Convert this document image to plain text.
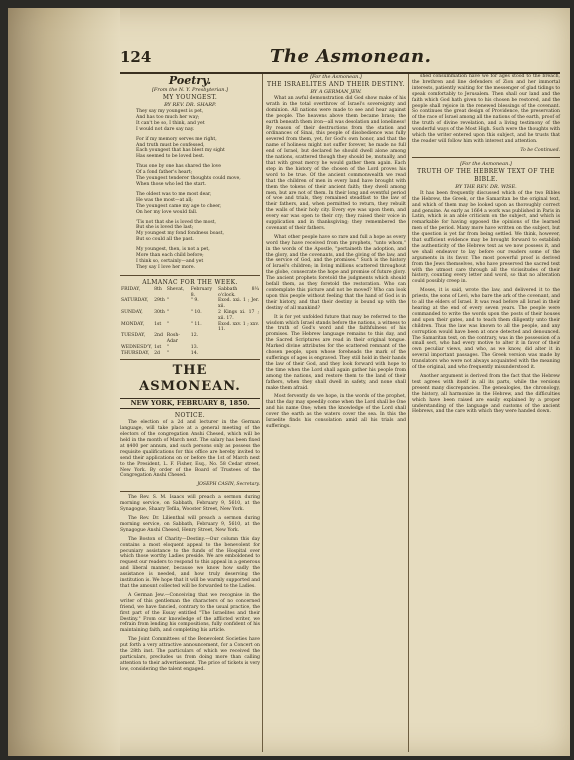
124	The Asmonean.
Poetry.
[From the N. Y. Presbyterian.]
MY YOUNGEST.
BY REV. DR. SHARP.
They say my youngest is pet,
And has too much her way;
It can't be so, I think, and yet
I would not dare say nay.
For if my memory serves me right,
And truth must be confessed,
Each youngest that has blest my sight
Has seemed to be loved best.
Thus one by one has shared the love
Of a fond father's heart;
The youngest tenderer thoughts could move,
When those who led the start.
The oldest was to me most dear,
He was the most—at all;
The youngest came my age to cheer,
On her my love would fall.
'Tis not that she is loved the most,
But she is loved the last;
My youngest my fond fondness boast,
But so could all the past.
My youngest, then, is not a pet,
More than each child before;
I think so, certainly—and yet
They say I love her more.
ALMANAC FOR THE WEEK.
FRIDAY,	8th	Shevat,	February 8.	Sabbath 8¼ o'clock.
SATURDAY,	29th	"	" 9.	Exod. xxi. 1 ; Jer. xii.
SUNDAY,	30th	"	" 10.	2 Kings xi. 17 ; xii. 17.
MONDAY,	1st	"	" 11.	Exod. xxv. 1 ; xxv. 11.
TUESDAY,	2nd	Rosh-Adar	12.	
WEDNESD'Y,	1st	"	13.	
THURSDAY,	2d	"	14.	
THE ASMONEAN.
NEW YORK, FEBRUARY 8, 1850.
NOTICE.

The election of a 2d and lecturer in the German language, will take place at a general meeting of the electors of the congregation Anshi Chesed, which will be held in the month of March next. The salary has been fixed at $400 per annum, and such persons only as possess the requisite qualifications for this office are hereby invited to send their applications on or before the 1st of March next to the President, L. F. Fisher, Esq., No. 58 Cedar street, New York. By order of the Board of Trustees of the Congregation Anshi Chesed.

JOSEPH CASIN, Secretary.

The Rev. S. M. Isaacs will preach a sermon during morning service, on Sabbath, February 9, 5610, at the Synagogue, Shaary Tefila, Wooster Street, New York.

The Rev. Dr. Lilienthal will preach a sermon during morning service, on Sabbath, February 9, 5610, at the Synagogue Anshi Chesed, Henry Street, New York.

The Boston of Charity—Destiny.—Our column this day contains a most eloquent appeal to the benevolent for pecuniary assistance to the funds of the Hospital over which those worthy Ladies preside. We are emboldened to request our readers to respond to this appeal in a generous and liberal manner, because we know how sadly the assistance is needed, and how truly deserving the institution is. We hope that it will be warmly supported and that the amount collected will be forwarded to the Ladies.

A German Jew.—Conceiving that we recognise in the writer of this gentleman the characters of no concerned friend, we have fancied, contrary to the usual practice, the first part of the Essay entitled "The Israelites and their Destiny." From our knowledge of the afflicted writer, we refrain from lending his compositions, fully confident of his maintaining faith, and completing his article.

The Joint Committees of the Benevolent Societies have put forth a very attractive announcement, for a Concert on the 28th inst. The particulars of which we received the particulars, precludes us from doing more than calling attention to their advertisement. The price of tickets is very low, considering the talent engaged.

[For the Asmonean.]
THE ISRAELITES AND THEIR DESTINY.
BY A GERMAN JEW.

What an awful demonstration did God show make of his wrath in the total overthrow of Israel's sovereignty and dominion. All nations were made to see and hear against the people. The heavens above them became brass; the earth beneath them iron—all was desolation and loneliness! By reason of their destructions from the station and ordinances of Sinai, this people of disobedience was fully severed from them, yet, for God's own honor, and that the name of holiness might not suffer forever, he made no full end of Israel, but declared he should dwell alone among the nations, scattered though they should be, mutually, and that with great mercy he would gather them again. Each step in the history of the chosen of the Lord proves his word to be true. Of the ancient commonwealth we read that the children of men in every land have brought with them the tokens of their ancient faith; they dwell among men, but are not of them. In their long and eventful period of woe and trials, they remained steadfast to the law of their fathers, and, when permitted to return, they rebuilt the walls of their holy city. Every eye was upon them, and every ear was open to their cry; they raised their voice in supplication and in thanksgiving; they remembered the covenant of their fathers.

What other people have so rare and full a hope as every word they have received from the prophets, "unto whom," in the words of the Apostle, "pertaineth the adoption, and the glory, and the covenants, and the giving of the law, and the service of God, and the promises." Such is the history of Israel's children; in living millions scattered throughout the globe, consecrate the hope and promise of future glory. The ancient prophets foretold the judgments which should befall them, as they foretold the restoration. Who can contemplate this picture and not be moved? Who can look upon this people without feeling that the hand of God is in their history, and that their destiny is bound up with the destiny of all mankind?

It is for yet unfolded future that may be referred to the wisdom which Israel stands before the nations, a witness to the truth of God's word and the faithfulness of his promises. The Hebrew language remains to this day, and the Sacred Scriptures are read in their original tongue. Marked divine attributes for the scattered remnant of the chosen people, upon whose foreheads the mark of the sufferings of ages is engraved. They still hold in their hands the law of their God, and they look forward with hope to the time when the Lord shall again gather his people from among the nations, and restore them to the land of their fathers, when they shall dwell in safety, and none shall make them afraid.

Most fervently do we hope, in the words of the prophet, that the day may speedily come when the Lord shall be One and his name One; when the knowledge of the Lord shall cover the earth as the waters cover the sea. In this the Israelite finds his consolation amid all his trials and sufferings.

shed consummation have we for ages stood to the breach, the brethren and line defenders of Zion and her immortal interests, patiently waiting for the messenger of glad tidings to speak comfortably to Jerusalem. Then shall our land and the faith which God hath given to his chosen be restored, and the people shall rejoice in the renewed blessings of the covenant. So continues the great design of Providence, the preservation of the race of Israel among all the nations of the earth, proof of the truth of divine revelation, and a living testimony of the wonderful ways of the Most High. Such were the thoughts with which the writer entered upon this subject, and he trusts that the reader will follow him with interest and attention.

To be Continued.
[For the Asmonean.]
TRUTH OF THE HEBREW TEXT OF THE BIBLE.
BY THE REV. DR. WISE.

It has been frequently discussed which of the two Bibles the Hebrew, the Greek, or the Samaritan be the original text, and which of them may be looked upon as thoroughly correct and genuine. As early as 1664 a work was published in Paris in Latin, which is an able criticism on the subject, and which is remarkable for having opposed the opinions of the learned men of the period. Many more have written on the subject, but the question is yet far from being settled. We think, however, that sufficient evidence may be brought forward to establish the authenticity of the Hebrew text as we now possess it, and we shall endeavor to lay before our readers some of the arguments in its favor. The most powerful proof is derived from the Jews themselves, who have preserved the sacred text with the utmost care through all the vicissitudes of their history, counting every letter and word, so that no alteration could possibly creep in.

Moses, it is said, wrote the law, and delivered it to the priests, the sons of Levi, who bare the ark of the covenant, and to all the elders of Israel. It was read before all Israel in their hearing at the end of every seven years. The people were commanded to write the words upon the posts of their houses and upon their gates, and to teach them diligently unto their children. Thus the law was known to all the people, and any corruption would have been at once detected and denounced. The Samaritan text, on the contrary, was in the possession of a small sect, who had every motive to alter it in favor of their own peculiar views, and who, as we know, did alter it in several important passages. The Greek version was made by translators who were not always acquainted with the meaning of the original, and who frequently misunderstood it.

Another argument is derived from the fact that the Hebrew text agrees with itself in all its parts, while the versions present many discrepancies. The genealogies, the chronology, the history, all harmonize in the Hebrew, and the difficulties which have been raised are easily explained by a proper understanding of the language and customs of the ancient Hebrews, and the care with which they were handed down.
